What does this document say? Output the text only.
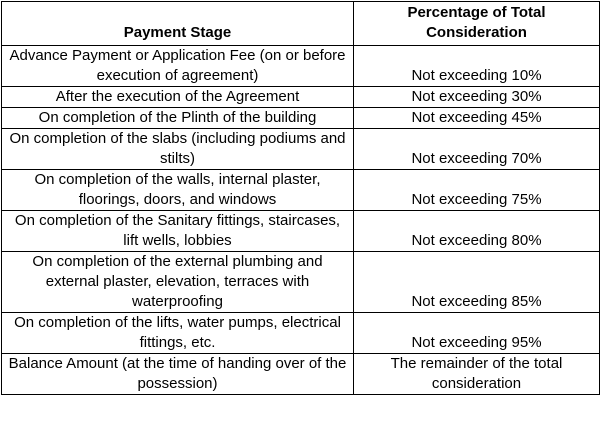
Payment Stage	Percentage of Total Consideration
Advance Payment or Application Fee (on or before execution of agreement)	Not exceeding 10%
After the execution of the Agreement	Not exceeding 30%
On completion of the Plinth of the building	Not exceeding 45%
On completion of the slabs (including podiums and stilts)	Not exceeding 70%
On completion of the walls, internal plaster, floorings, doors, and windows	Not exceeding 75%
On completion of the Sanitary fittings, staircases, lift wells, lobbies	Not exceeding 80%
On completion of the external plumbing and external plaster, elevation, terraces with waterproofing	Not exceeding 85%
On completion of the lifts, water pumps, electrical fittings, etc.	Not exceeding 95%
Balance Amount (at the time of handing over of the possession)	The remainder of the total consideration
